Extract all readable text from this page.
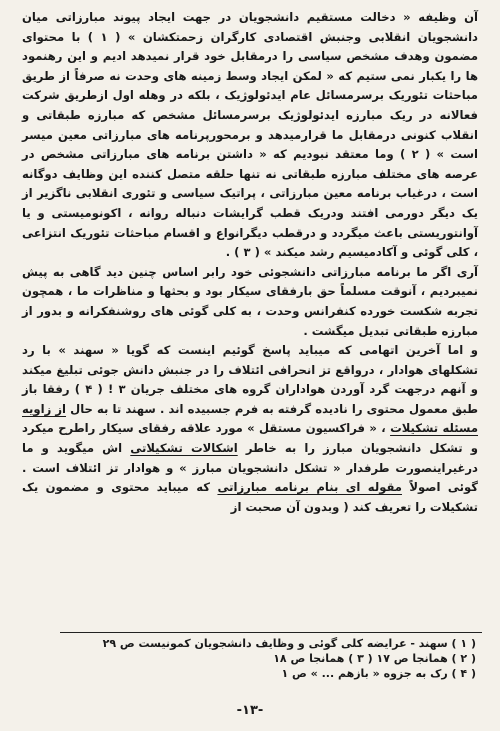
آن وظیفه « دخالت مستقیم دانشجویان در جهت ایجاد پیوند مبارزاتی میان دانشجویان انقلابی وجنبش اقتصادی کارگران زحمتکشان » ( ۱ ) با محتوای مضمون وهدف مشخص سیاسی را درمقابل خود قرار نمیدهد ادیم و این رهنمود ها را یکبار نمی ستیم که « لمکن ایجاد وسط زمینه های وحدت نه صرفاً از طریق مباحثات تئوریک برسرمسائل عام ایدئولوژیک ، بلکه در وهله اول ازطریق شرکت فعالانه در ریک مبارزه ایدئولوژیک برسرمسائل مشخص که مبارزه طبقاتی و انقلاب کنونی درمقابل ما قرارمیدهد و برمحورپرنامه های مبارزاتی معین میسر است » ( ۲ ) وما معتقد نبودیم که « داشتن برنامه های مبارزاتی مشخص در عرصه های مختلف مبارزه طبقاتی نه تنها حلقه متصل کننده این وظایف دوگانه است ، درغیاب برنامه معین مبارزاتی ، پراتیک سیاسی و تئوری انقلابی ناگزیر از یک دیگر دورمی افتند ودریک قطب گرایشات دنباله روانه ، اکونومیستی و یا آوانتوریستی باعث میگردد و درقطب دیگرانواع و اقسام مباحثات تئوریک انتزاعی ، کلی گوئی و آکادمیسیم رشد میکند » ( ۳ ) .

آری اگر ما برنامه مبارزاتی دانشجوئی خود رابر اساس چنین دید گاهی به پیش نمیبردیم ، آنوقت مسلماً حق بارفقای سیکار بود و بحثها و مناظرات ما ، همچون تجربه شکست خورده کنفرانس وحدت ، به کلی گوئی های روشنفکرانه و بدور از مبارزه طبقاتی تبدیل میگشت .

و اما آخرین اتهامی که میباید پاسخ گوئیم اینست که گویا « سهند » با رد تشکلهای هوادار ، درواقع تز انحرافی ائتلاف را در جنبش دانش جوئی تبلیغ میکند و آنهم درجهت گرد آوردن هواداران گروه های مختلف جریان ۳ ! ( ۴ ) رفقا باز طبق معمول محتوی را نادیده گرفته به فرم جسبیده اند . سهند تا به حال از زاویه مسئله تشکیلات ، « فراکسیون مستقل » مورد علاقه رفقای سیکار راطرح میکرد و تشکل دانشجویان مبارز را به خاطر اشکالات تشکیلاتی اش میگوید و ما درغیراینصورت طرفدار « تشکل دانشجویان مبارز » و هوادار تز ائتلاف است . گوئی اصولاً مقوله ای بنام برنامه مبارزاتی که میباید محتوی و مضمون یک تشکیلات را تعریف کند ( وبدون آن صحبت از

( ۱ ) سهند - عرایضه کلی گوئی و وظایف دانشجویان کمونیست ص ۲۹
( ۲ ) همانجا ص ۱۷ ( ۳ ) همانجا ص ۱۸
( ۴ ) رک به جزوه « بازهم ... » ص ۱
-۱۳-
